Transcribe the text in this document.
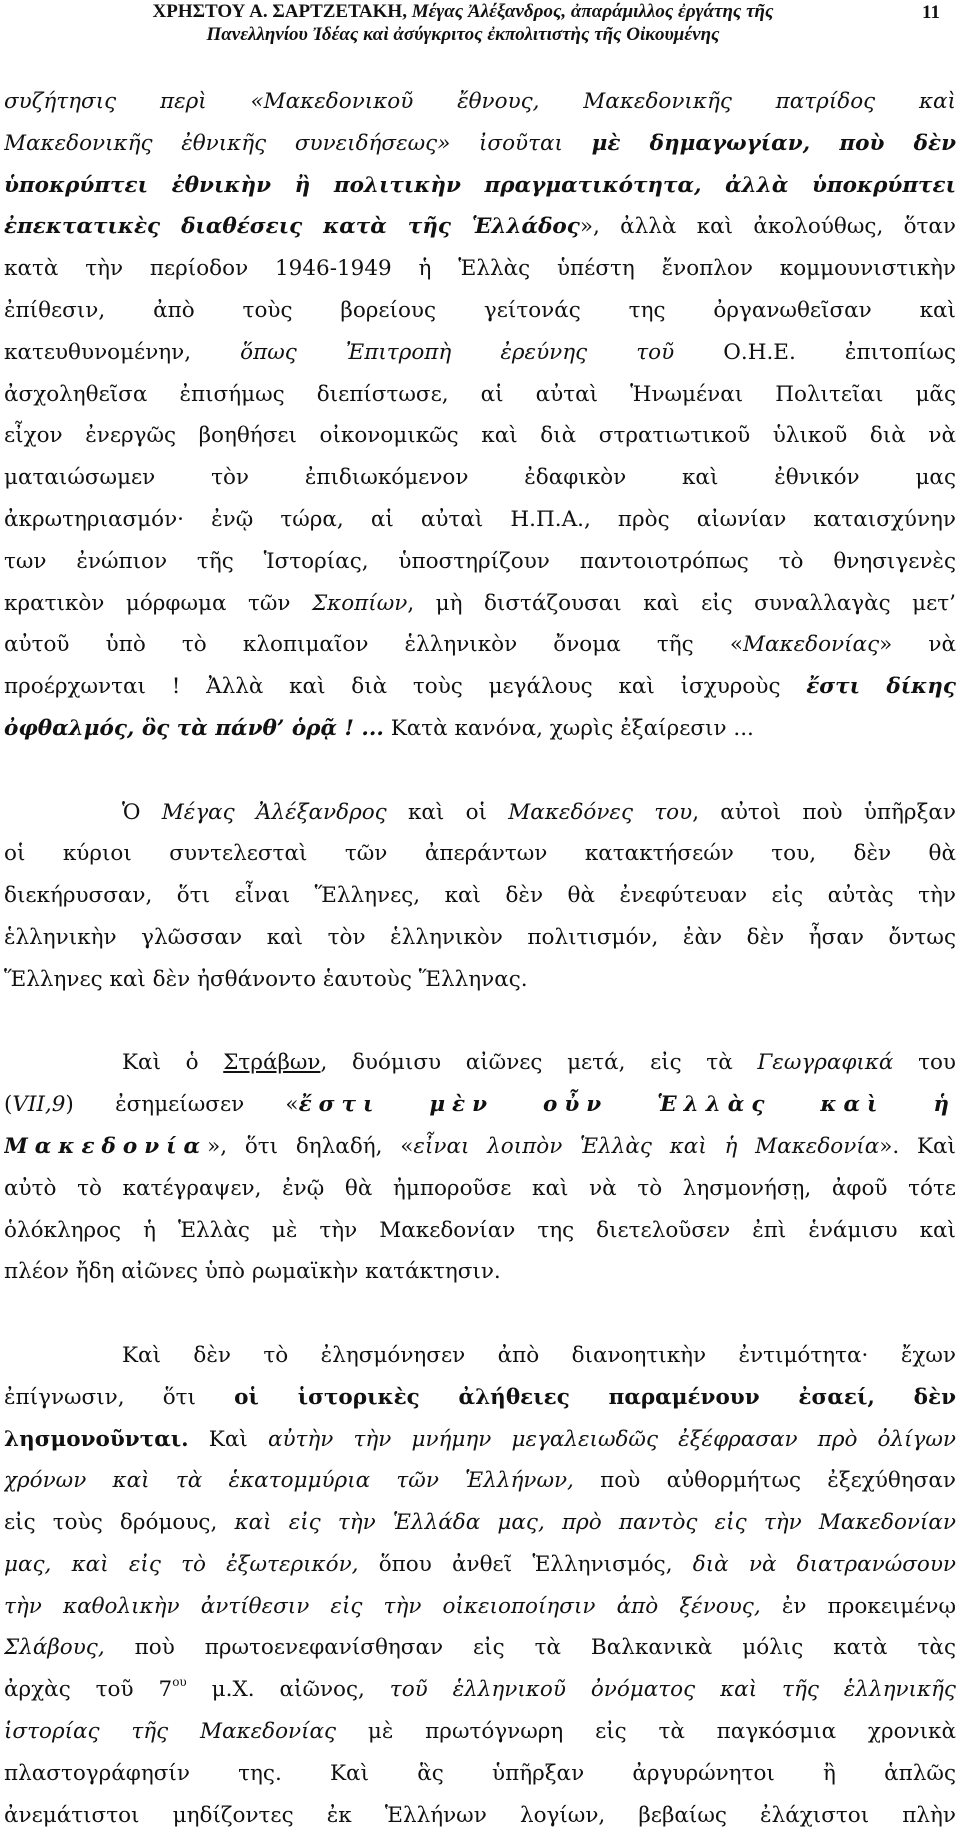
ΧΡΗΣΤΟΥ Α. ΣΑΡΤΖΕΤΑΚΗ, Μέγας Ἀλέξανδρος, ἀπαράμιλλος ἐργάτης τῆς
Πανελληνίου Ἰδέας καὶ ἀσύγκριτος ἐκπολιτιστὴς τῆς Οἰκουμένης
11
συζήτησις περὶ «Μακεδονικοῦ ἔθνους, Μακεδονικῆς πατρίδος καὶ
Μακεδονικῆς ἐθνικῆς συνειδήσεως» ἰσοῦται μὲ δημαγωγίαν, ποὺ δὲν
ὑποκρύπτει ἐθνικὴν ἢ πολιτικὴν πραγματικότητα, ἀλλὰ ὑποκρύπτει
ἐπεκτατικὲς διαθέσεις κατὰ τῆς Ἑλλάδος», ἀλλὰ καὶ ἀκολούθως, ὅταν
κατὰ τὴν περίοδον 1946-1949 ἡ Ἑλλὰς ὑπέστη ἔνοπλον κομμουνιστικὴν
ἐπίθεσιν, ἀπὸ τοὺς βορείους γείτονάς της ὀργανωθεῖσαν καὶ
κατευθυνομένην, ὅπως Ἐπιτροπὴ ἐρεύνης τοῦ Ο.Η.Ε. ἐπιτοπίως
ἀσχοληθεῖσα ἐπισήμως διεπίστωσε, αἱ αὐταὶ Ἡνωμέναι Πολιτεῖαι μᾶς
εἶχον ἐνεργῶς βοηθήσει οἰκονομικῶς καὶ διὰ στρατιωτικοῦ ὑλικοῦ διὰ νὰ
ματαιώσωμεν τὸν ἐπιδιωκόμενον ἐδαφικὸν καὶ ἐθνικόν μας
ἀκρωτηριασμόν· ἐνῷ τώρα, αἱ αὐταὶ Η.Π.Α., πρὸς αἰωνίαν καταισχύνην
των ἐνώπιον τῆς Ἱστορίας, ὑποστηρίζουν παντοιοτρόπως τὸ θνησιγενὲς
κρατικὸν μόρφωμα τῶν Σκοπίων, μὴ διστάζουσαι καὶ εἰς συναλλαγὰς μετ’
αὐτοῦ ὑπὸ τὸ κλοπιμαῖον ἑλληνικὸν ὄνομα τῆς «Μακεδονίας» νὰ
προέρχωνται ! Ἀλλὰ καὶ διὰ τοὺς μεγάλους καὶ ἰσχυροὺς ἔστι δίκης
ὀφθαλμός, ὃς τὰ πάνθ’ ὁρᾷ ! ... Κατὰ κανόνα, χωρὶς ἐξαίρεσιν ...
Ὁ Μέγας Ἀλέξανδρος καὶ οἱ Μακεδόνες του, αὐτοὶ ποὺ ὑπῆρξαν
οἱ κύριοι συντελεσταὶ τῶν ἀπεράντων κατακτήσεών του, δὲν θὰ
διεκήρυσσαν, ὅτι εἶναι Ἕλληνες, καὶ δὲν θὰ ἐνεφύτευαν εἰς αὐτὰς τὴν
ἑλληνικὴν γλῶσσαν καὶ τὸν ἑλληνικὸν πολιτισμόν, ἐὰν δὲν ἦσαν ὄντως
Ἕλληνες καὶ δὲν ἠσθάνοντο ἑαυτοὺς Ἕλληνας.
Καὶ ὁ Στράβων, δυόμισυ αἰῶνες μετά, εἰς τὰ Γεωγραφικά του
(VII,9) ἐσημείωσεν «ἔστι μὲν οὖν Ἑλλὰς καὶ ἡ
Μακεδονία», ὅτι δηλαδή, «εἶναι λοιπὸν Ἑλλὰς καὶ ἡ Μακεδονία». Καὶ
αὐτὸ τὸ κατέγραψεν, ἐνῷ θὰ ἠμποροῦσε καὶ νὰ τὸ λησμονήσῃ, ἀφοῦ τότε
ὁλόκληρος ἡ Ἑλλὰς μὲ τὴν Μακεδονίαν της διετελοῦσεν ἐπὶ ἑνάμισυ καὶ
πλέον ἤδη αἰῶνες ὑπὸ ρωμαϊκὴν κατάκτησιν.
Καὶ δὲν τὸ ἐλησμόνησεν ἀπὸ διανοητικὴν ἐντιμότητα· ἔχων
ἐπίγνωσιν, ὅτι οἱ ἱστορικὲς ἀλήθειες παραμένουν ἐσαεί, δὲν
λησμονοῦνται. Καὶ αὐτὴν τὴν μνήμην μεγαλειωδῶς ἐξέφρασαν πρὸ ὀλίγων
χρόνων καὶ τὰ ἑκατομμύρια τῶν Ἑλλήνων, ποὺ αὐθορμήτως ἐξεχύθησαν
εἰς τοὺς δρόμους, καὶ εἰς τὴν Ἑλλάδα μας, πρὸ παντὸς εἰς τὴν Μακεδονίαν
μας, καὶ εἰς τὸ ἐξωτερικόν, ὅπου ἀνθεῖ Ἑλληνισμός, διὰ νὰ διατρανώσουν
τὴν καθολικὴν ἀντίθεσιν εἰς τὴν οἰκειοποίησιν ἀπὸ ξένους, ἐν προκειμένῳ
Σλάβους, ποὺ πρωτοενεφανίσθησαν εἰς τὰ Βαλκανικὰ μόλις κατὰ τὰς
ἀρχὰς τοῦ $7^{o\upsilon}$ μ.Χ. αἰῶνος, τοῦ ἑλληνικοῦ ὀνόματος καὶ τῆς ἑλληνικῆς
ἱστορίας τῆς Μακεδονίας μὲ πρωτόγνωρη εἰς τὰ παγκόσμια χρονικὰ
πλαστογράφησίν της. Καὶ ἃς ὑπῆρξαν ἀργυρώνητοι ἢ ἁπλῶς
ἀνεμάτιστοι μηδίζοντες ἐκ Ἑλλήνων λογίων, βεβαίως ἐλάχιστοι πλὴν
